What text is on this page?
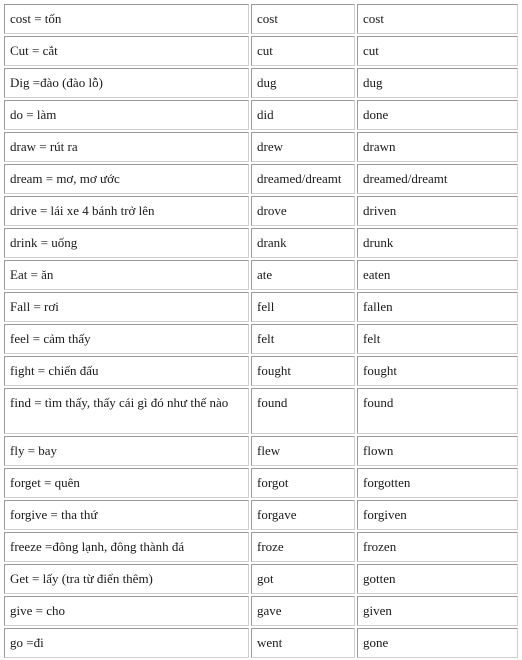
cost = tốn	cost	cost
Cut = cắt	cut	cut
Dig =đào (đào lỗ)	dug	dug
do = làm	did	done
draw = rút ra	drew	drawn
dream = mơ, mơ ước	dreamed/dreamt	dreamed/dreamt
drive = lái xe 4 bánh trở lên	drove	driven
drink = uống	drank	drunk
Eat = ăn	ate	eaten
Fall = rơi	fell	fallen
feel = cảm thấy	felt	felt
fight = chiến đấu	fought	fought
find = tìm thấy, thấy cái gì đó như thế nào	found	found
fly = bay	flew	flown
forget = quên	forgot	forgotten
forgive = tha thứ	forgave	forgiven
freeze =đông lạnh, đông thành đá	froze	frozen
Get = lấy (tra từ điển thêm)	got	gotten
give = cho	gave	given
go =đi	went	gone
